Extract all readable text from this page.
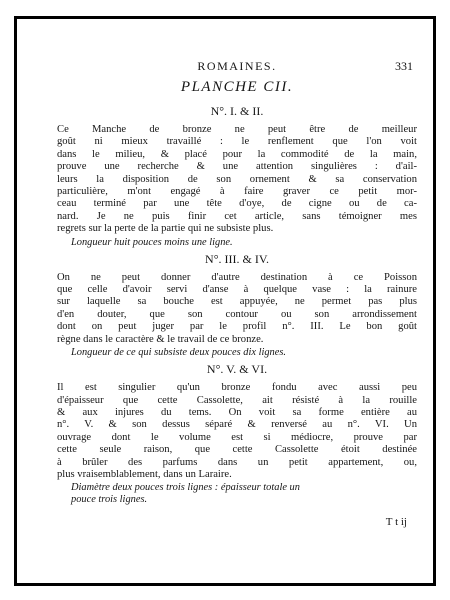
ROMAINES.	331
PLANCHE CII.
N°. I. & II.
Ce Manche de bronze ne peut être de meilleur
goût ni mieux travaillé : le renflement que l'on voit
dans le milieu, & placé pour la commodité de la main,
prouve une recherche & une attention singulières : d'ail-
leurs la disposition de son ornement & sa conservation
particulière, m'ont engagé à faire graver ce petit mor-
ceau terminé par une tête d'oye, de cigne ou de ca-
nard. Je ne puis finir cet article, sans témoigner mes
regrets sur la perte de la partie qui ne subsiste plus.
Longueur huit pouces moins une ligne.
N°. III. & IV.
On ne peut donner d'autre destination à ce Poisson
que celle d'avoir servi d'anse à quelque vase : la rainure
sur laquelle sa bouche est appuyée, ne permet pas plus
d'en douter, que son contour ou son arrondissement
dont on peut juger par le profil n°. III. Le bon goût
règne dans le caractère & le travail de ce bronze.
Longueur de ce qui subsiste deux pouces dix lignes.
N°. V. & VI.
Il est singulier qu'un bronze fondu avec aussi peu
d'épaisseur que cette Cassolette, ait résisté à la rouille
& aux injures du tems. On voit sa forme entière au
n°. V. & son dessus séparé & renversé au n°. VI. Un
ouvrage dont le volume est si médiocre, prouve par
cette seule raison, que cette Cassolette étoit destinée
à brûler des parfums dans un petit appartement, ou,
plus vraisemblablement, dans un Laraire.
Diamètre deux pouces trois lignes : épaisseur totale un
pouce trois lignes.
T t ij
